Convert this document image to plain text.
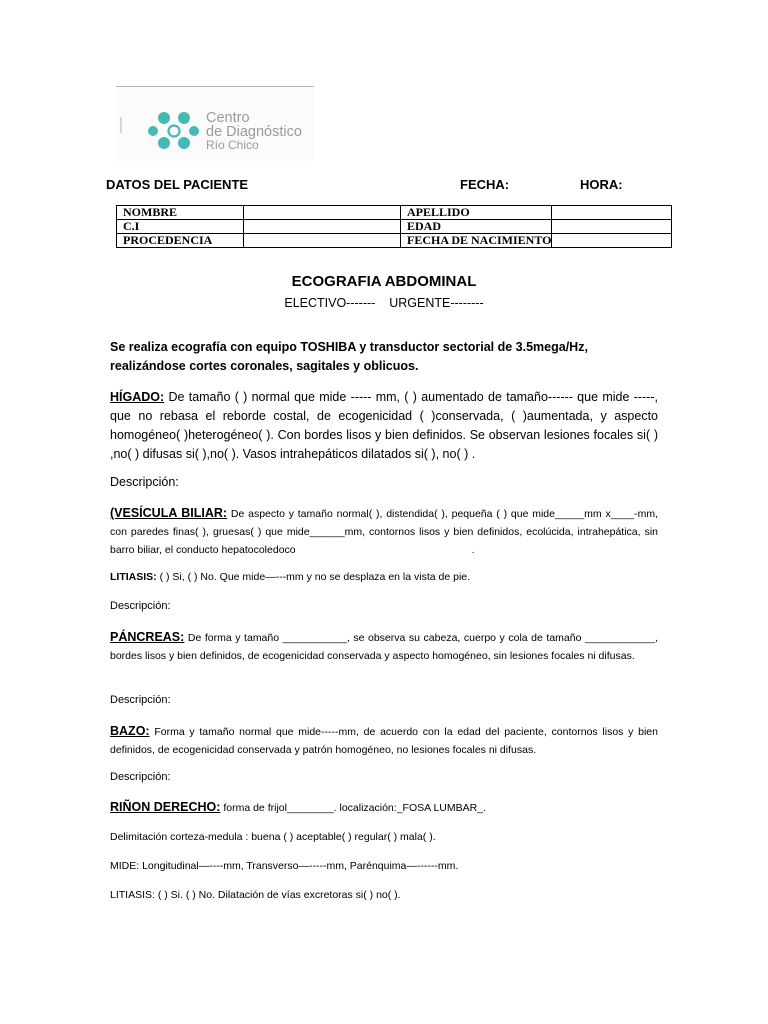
Centro
de Diagnóstico
Río Chico
DATOS DEL PACIENTE	FECHA:	HORA:
NOMBRE		APELLIDO	
C.I		EDAD	
PROCEDENCIA		FECHA DE NACIMIENTO	
ECOGRAFIA ABDOMINAL
ELECTIVO-------    URGENTE--------
Se realiza ecografía con equipo TOSHIBA y transductor sectorial de 3.5mega/Hz, realizándose cortes coronales, sagitales y oblicuos.
HÍGADO: De tamaño ( ) normal que mide ----- mm, ( ) aumentado de tamaño------ que mide -----, que no rebasa el reborde costal, de ecogenicidad ( )conservada, ( )aumentada, y aspecto homogéneo( )heterogéneo( ). Con bordes lisos y bien definidos. Se observan lesiones focales si( ) ,no( ) difusas si( ),no( ). Vasos intrahepáticos dilatados si( ), no( ) .
Descripción:
(VESÍCULA BILIAR: De aspecto y tamaño normal( ), distendida( ), pequeña ( ) que mide_____mm x____-mm, con paredes finas( ), gruesas( ) que mide______mm, contornos lisos y bien definidos, ecolúcida, intrahepática, sin barro biliar, el conducto hepatocoledoco	.
LITIASIS: ( ) Si, ( ) No. Que mide—---mm y no se desplaza en la vista de pie.
Descripción:
PÁNCREAS: De forma y tamaño ___________, se observa su cabeza, cuerpo y cola de tamaño ____________, bordes lisos y bien definidos, de ecogenicidad conservada y aspecto homogéneo, sin lesiones focales ni difusas.
Descripción:
BAZO: Forma y tamaño normal que mide-----mm, de acuerdo con la edad del paciente, contornos lisos y bien definidos, de ecogenicidad conservada y patrón homogéneo, no lesiones focales ni difusas.
Descripción:
RIÑON DERECHO: forma de frijol________. localización:_FOSA LUMBAR_.
Delimitación corteza-medula : buena ( ) aceptable( ) regular( ) mala( ).
MIDE: Longitudinal—----mm, Transverso—-----mm, Parénquima—------mm.
LITIASIS: ( ) Si. ( ) No. Dilatación de vías excretoras si( ) no( ).
